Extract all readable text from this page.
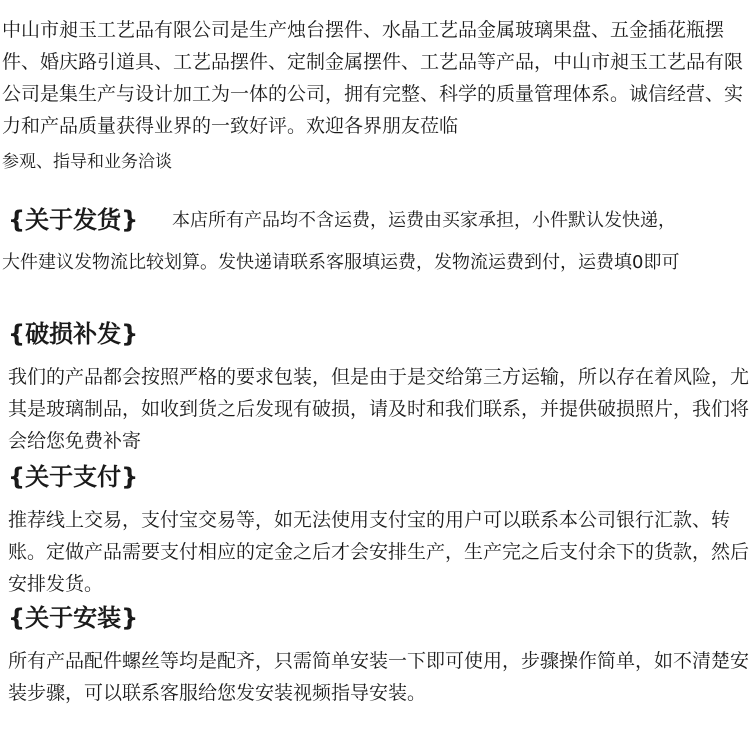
中山市昶玉工艺品有限公司是生产烛台摆件、水晶工艺品金属玻璃果盘、五金插花瓶摆件、婚庆路引道具、工艺品摆件、定制金属摆件、工艺品等产品，中山市昶玉工艺品有限公司是集生产与设计加工为一体的公司，拥有完整、科学的质量管理体系。诚信经营、实力和产品质量获得业界的一致好评。欢迎各界朋友莅临

参观、指导和业务洽谈

{关于发货} 本店所有产品均不含运费，运费由买家承担，小件默认发快递，

大件建议发物流比较划算。发快递请联系客服填运费，发物流运费到付，运费填0即可

{破损补发}

我们的产品都会按照严格的要求包装，但是由于是交给第三方运输，所以存在着风险，尤其是玻璃制品，如收到货之后发现有破损，请及时和我们联系，并提供破损照片，我们将会给您免费补寄

{关于支付}

推荐线上交易，支付宝交易等，如无法使用支付宝的用户可以联系本公司银行汇款、转账。定做产品需要支付相应的定金之后才会安排生产，生产完之后支付余下的货款，然后安排发货。

{关于安装}

所有产品配件螺丝等均是配齐，只需简单安装一下即可使用，步骤操作简单，如不清楚安装步骤，可以联系客服给您发安装视频指导安装。
